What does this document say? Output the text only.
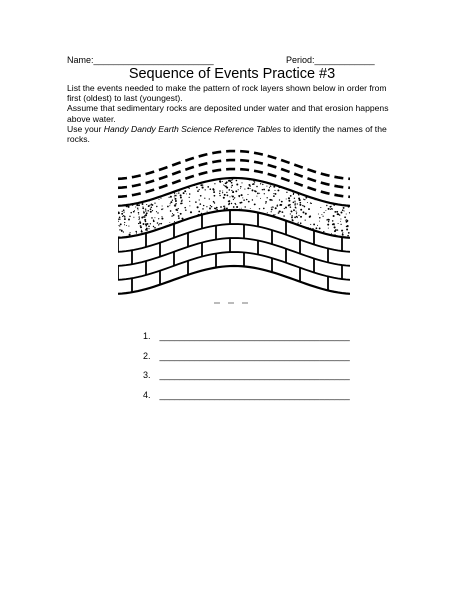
Name:________________________	Period:____________
Sequence of Events Practice #3

List the events needed to make the pattern of rock layers shown below in order from first (oldest) to last (youngest).

Assume that sedimentary rocks are deposited under water and that erosion happens above water.

Use your Handy Dandy Earth Science Reference Tables to identify the names of the rocks.

1. ______________________________________
2. ______________________________________
3. ______________________________________
4. ______________________________________
